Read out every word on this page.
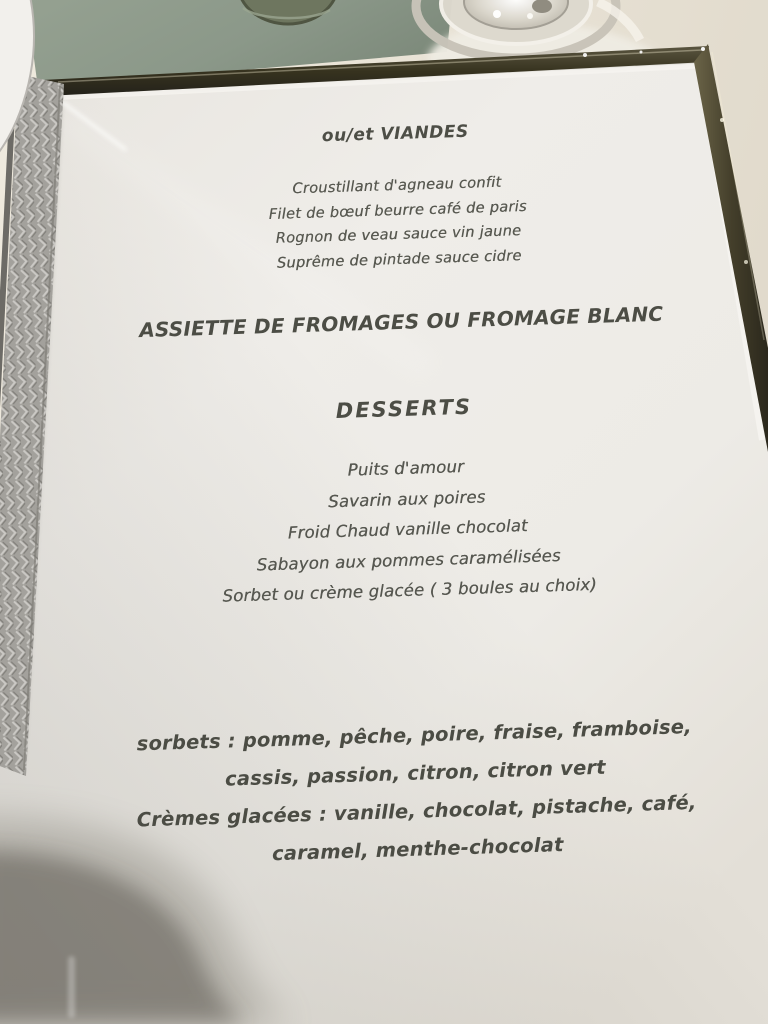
ou/et VIANDES
Croustillant d'agneau confit
Filet de bœuf beurre café de paris
Rognon de veau sauce vin jaune
Suprême de pintade sauce cidre
ASSIETTE DE FROMAGES OU FROMAGE BLANC
DESSERTS
Puits d'amour
Savarin aux poires
Froid Chaud vanille chocolat
Sabayon aux pommes caramélisées
Sorbet ou crème glacée ( 3 boules au choix)
sorbets : pomme, pêche, poire, fraise, framboise,
cassis, passion, citron, citron vert
Crèmes glacées : vanille, chocolat, pistache, café,
caramel, menthe-chocolat
